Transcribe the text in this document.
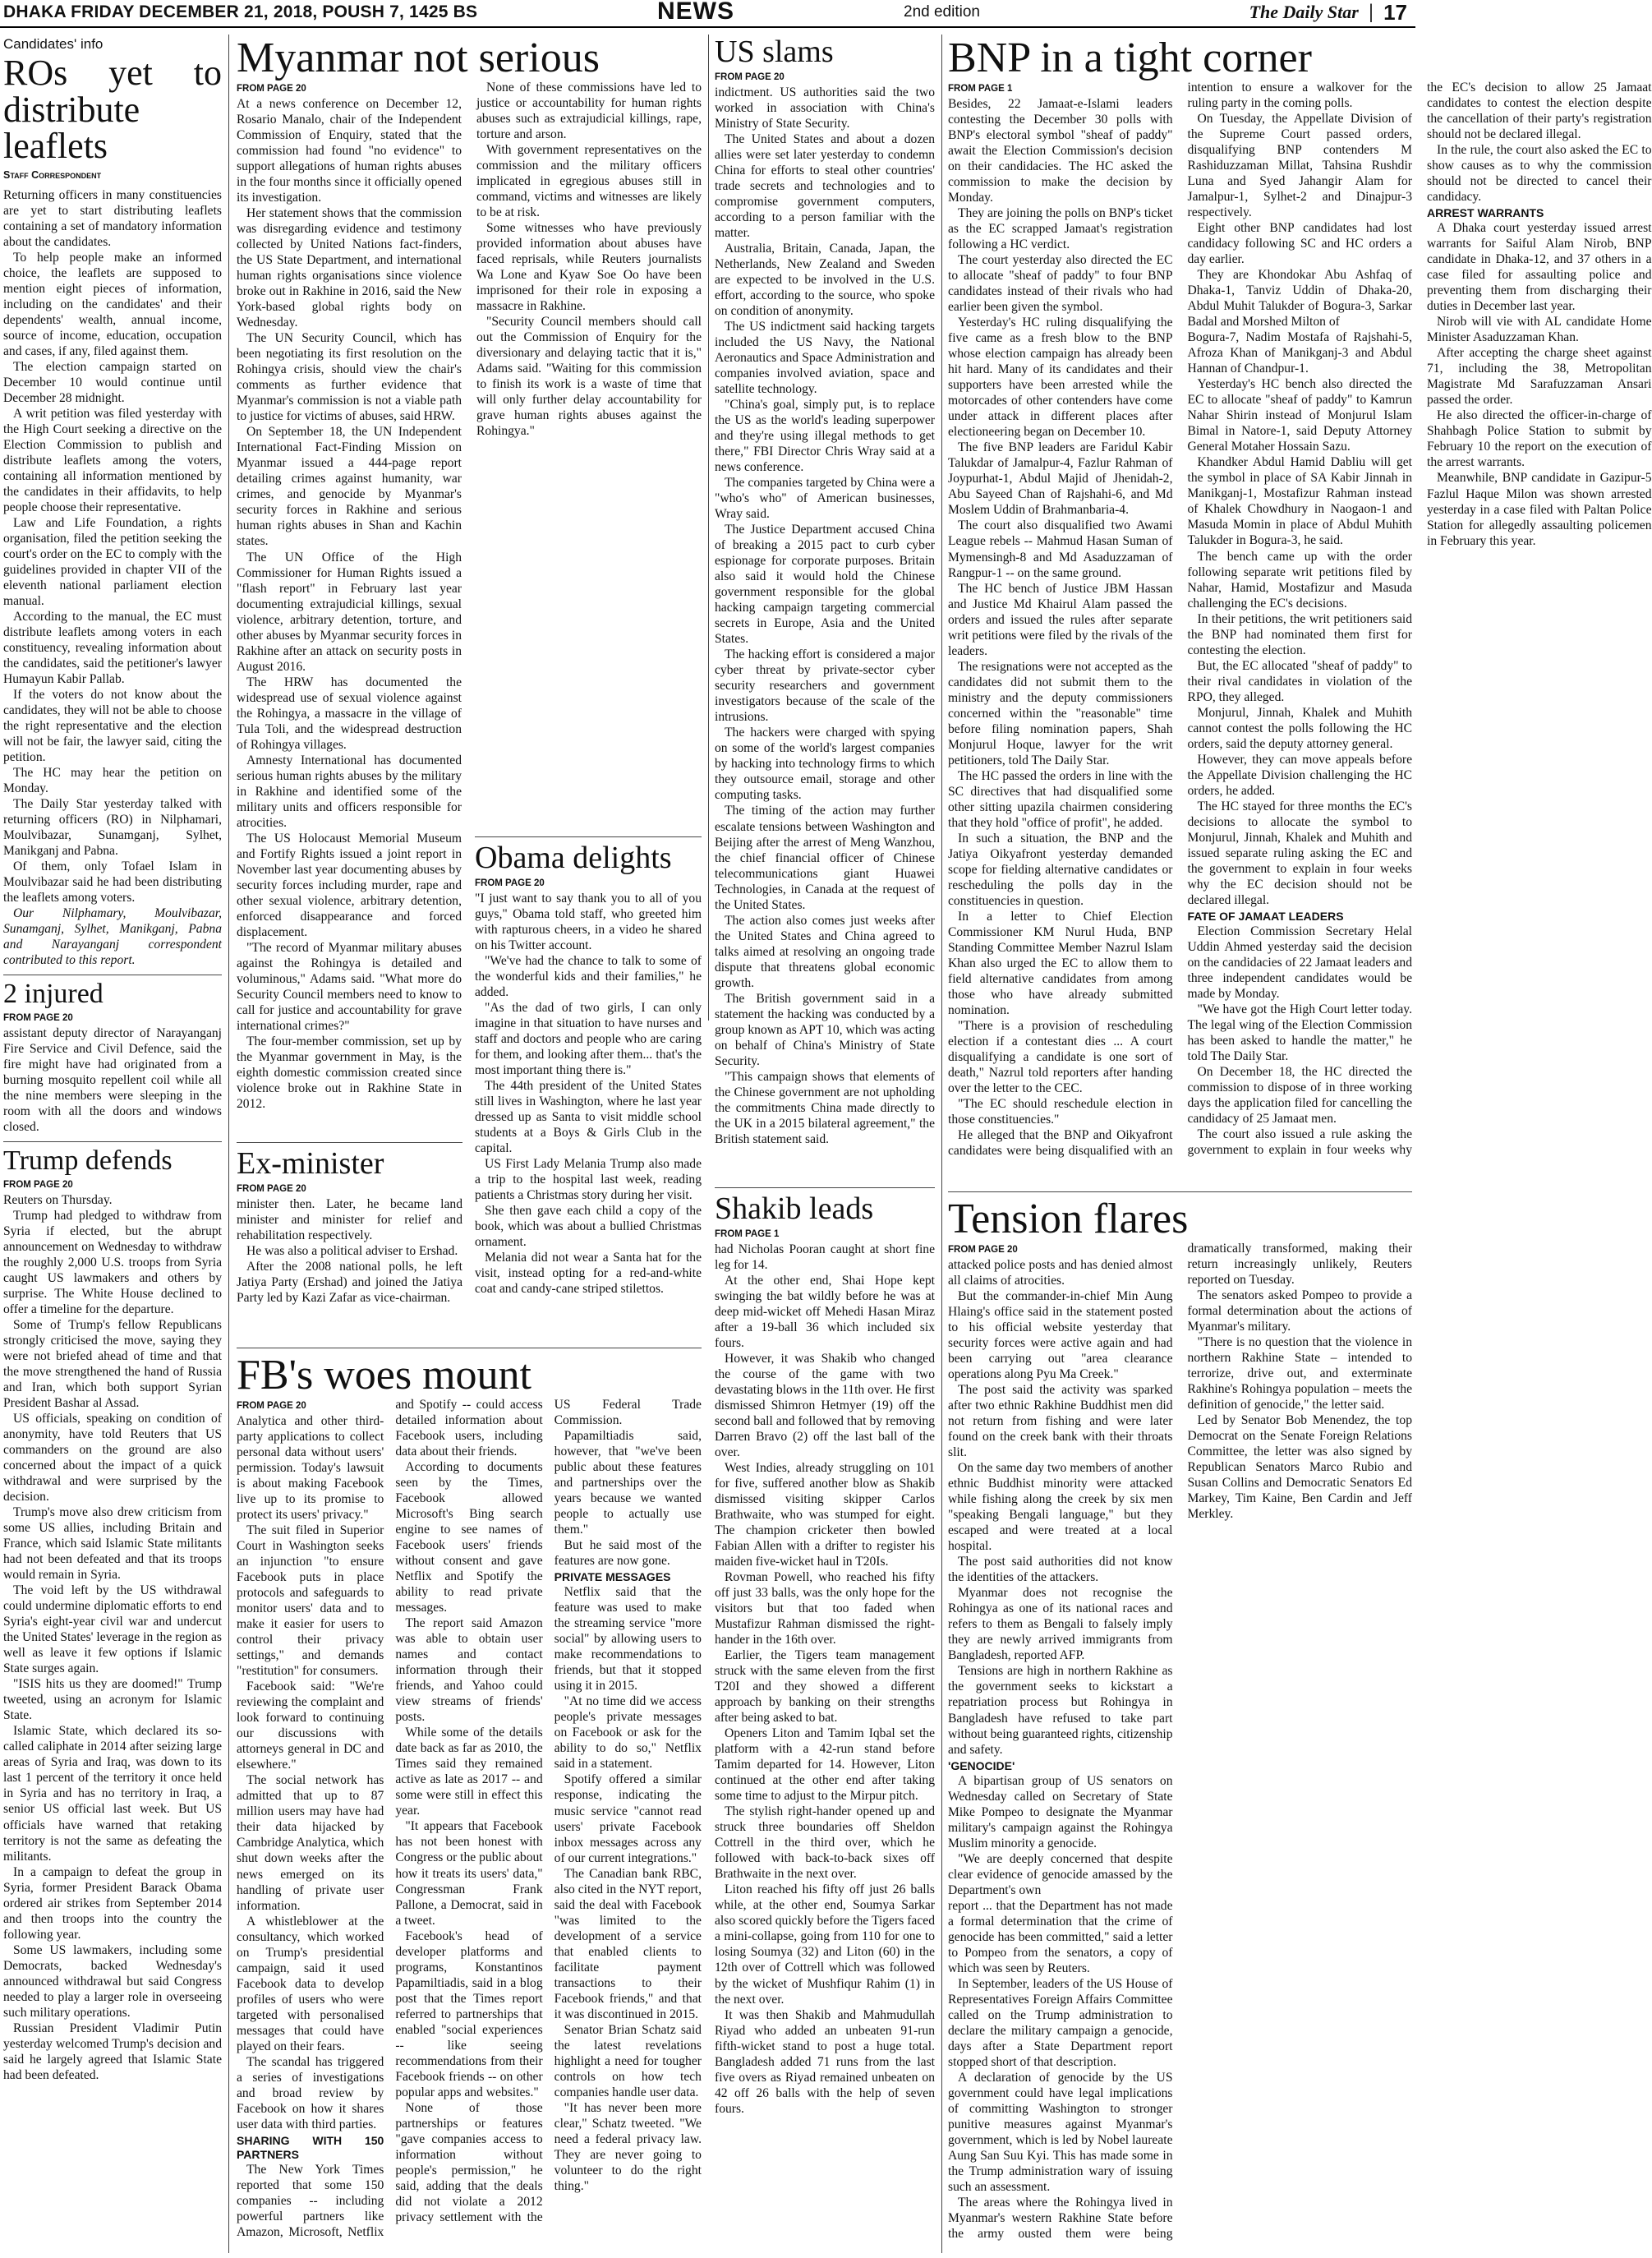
DHAKA FRIDAY DECEMBER 21, 2018, POUSH 7, 1425 BS	NEWS	2nd edition	The Daily Star | 17
Candidates' info
ROs yet to distribute leaflets
Staff Correspondent

Returning officers in many constituencies are yet to start distributing leaflets containing a set of mandatory information about the candidates.

To help people make an informed choice, the leaflets are supposed to mention eight pieces of information, including on the candidates' and their dependents' wealth, annual income, source of income, education, occupation and cases, if any, filed against them.

The election campaign started on December 10 would continue until December 28 midnight.

A writ petition was filed yesterday with the High Court seeking a directive on the Election Commission to publish and distribute leaflets among the voters, containing all information mentioned by the candidates in their affidavits, to help people choose their representative.

Law and Life Foundation, a rights organisation, filed the petition seeking the court's order on the EC to comply with the guidelines provided in chapter VII of the eleventh national parliament election manual.

According to the manual, the EC must distribute leaflets among voters in each constituency, revealing information about the candidates, said the petitioner's lawyer Humayun Kabir Pallab.

If the voters do not know about the candidates, they will not be able to choose the right representative and the election will not be fair, the lawyer said, citing the petition.

The HC may hear the petition on Monday.

The Daily Star yesterday talked with returning officers (RO) in Nilphamari, Moulvibazar, Sunamganj, Sylhet, Manikganj and Pabna.

Of them, only Tofael Islam in Moulvibazar said he had been distributing the leaflets among voters.

Our Nilphamary, Moulvibazar, Sunamganj, Sylhet, Manikganj, Pabna and Narayanganj correspondent contributed to this report.

2 injured
FROM PAGE 20

assistant deputy director of Narayanganj Fire Service and Civil Defence, said the fire might have had originated from a burning mosquito repellent coil while all the nine members were sleeping in the room with all the doors and windows closed.

Trump defends
FROM PAGE 20

Reuters on Thursday.

Trump had pledged to withdraw from Syria if elected, but the abrupt announcement on Wednesday to withdraw the roughly 2,000 U.S. troops from Syria caught US lawmakers and others by surprise. The White House declined to offer a timeline for the departure.

Some of Trump's fellow Republicans strongly criticised the move, saying they were not briefed ahead of time and that the move strengthened the hand of Russia and Iran, which both support Syrian President Bashar al Assad.

US officials, speaking on condition of anonymity, have told Reuters that US commanders on the ground are also concerned about the impact of a quick withdrawal and were surprised by the decision.

Trump's move also drew criticism from some US allies, including Britain and France, which said Islamic State militants had not been defeated and that its troops would remain in Syria.

The void left by the US withdrawal could undermine diplomatic efforts to end Syria's eight-year civil war and undercut the United States' leverage in the region as well as leave it few options if Islamic State surges again.

"ISIS hits us they are doomed!" Trump tweeted, using an acronym for Islamic State.

Islamic State, which declared its so-called caliphate in 2014 after seizing large areas of Syria and Iraq, was down to its last 1 percent of the territory it once held in Syria and has no territory in Iraq, a senior US official last week. But US officials have warned that retaking territory is not the same as defeating the militants.

In a campaign to defeat the group in Syria, former President Barack Obama ordered air strikes from September 2014 and then troops into the country the following year.

Some US lawmakers, including some Democrats, backed Wednesday's announced withdrawal but said Congress needed to play a larger role in overseeing such military operations.

Russian President Vladimir Putin yesterday welcomed Trump's decision and said he largely agreed that Islamic State had been defeated.

Myanmar not serious
FROM PAGE 20

At a news conference on December 12, Rosario Manalo, chair of the Independent Commission of Enquiry, stated that the commission had found "no evidence" to support allegations of human rights abuses in the four months since it officially opened its investigation.

Her statement shows that the commission was disregarding evidence and testimony collected by United Nations fact-finders, the US State Department, and international human rights organisations since violence broke out in Rakhine in 2016, said the New York-based global rights body on Wednesday.

The UN Security Council, which has been negotiating its first resolution on the Rohingya crisis, should view the chair's comments as further evidence that Myanmar's commission is not a viable path to justice for victims of abuses, said HRW.

On September 18, the UN Independent International Fact-Finding Mission on Myanmar issued a 444-page report detailing crimes against humanity, war crimes, and genocide by Myanmar's security forces in Rakhine and serious human rights abuses in Shan and Kachin states.

The UN Office of the High Commissioner for Human Rights issued a "flash report" in February last year documenting extrajudicial killings, sexual violence, arbitrary detention, torture, and other abuses by Myanmar security forces in Rakhine after an attack on security posts in August 2016.

The HRW has documented the widespread use of sexual violence against the Rohingya, a massacre in the village of Tula Toli, and the widespread destruction of Rohingya villages.

Amnesty International has documented serious human rights abuses by the military in Rakhine and identified some of the military units and officers responsible for atrocities.

The US Holocaust Memorial Museum and Fortify Rights issued a joint report in November last year documenting abuses by security forces including murder, rape and other sexual violence, arbitrary detention, enforced disappearance and forced displacement.

"The record of Myanmar military abuses against the Rohingya is detailed and voluminous," Adams said. "What more do Security Council members need to know to call for justice and accountability for grave international crimes?"

The four-member commission, set up by the Myanmar government in May, is the eighth domestic commission created since violence broke out in Rakhine State in 2012.

None of these commissions have led to justice or accountability for human rights abuses such as extrajudicial killings, rape, torture and arson.

With government representatives on the commission and the military officers implicated in egregious abuses still in command, victims and witnesses are likely to be at risk.

Some witnesses who have previously provided information about abuses have faced reprisals, while Reuters journalists Wa Lone and Kyaw Soe Oo have been imprisoned for their role in exposing a massacre in Rakhine.

"Security Council members should call out the Commission of Enquiry for the diversionary and delaying tactic that it is," Adams said. "Waiting for this commission to finish its work is a waste of time that will only further delay accountability for grave human rights abuses against the Rohingya."

Ex-minister
FROM PAGE 20

minister then. Later, he became land minister and minister for relief and rehabilitation respectively.

He was also a political adviser to Ershad.

After the 2008 national polls, he left Jatiya Party (Ershad) and joined the Jatiya Party led by Kazi Zafar as vice-chairman.

Obama delights
FROM PAGE 20

"I just want to say thank you to all of you guys," Obama told staff, who greeted him with rapturous cheers, in a video he shared on his Twitter account.

"We've had the chance to talk to some of the wonderful kids and their families," he added.

"As the dad of two girls, I can only imagine in that situation to have nurses and staff and doctors and people who are caring for them, and looking after them... that's the most important thing there is."

The 44th president of the United States still lives in Washington, where he last year dressed up as Santa to visit middle school students at a Boys & Girls Club in the capital.

US First Lady Melania Trump also made a trip to the hospital last week, reading patients a Christmas story during her visit.

She then gave each child a copy of the book, which was about a bullied Christmas ornament.

Melania did not wear a Santa hat for the visit, instead opting for a red-and-white coat and candy-cane striped stilettos.

FB's woes mount
FROM PAGE 20

Analytica and other third-party applications to collect personal data without users' permission. Today's lawsuit is about making Facebook live up to its promise to protect its users' privacy."

The suit filed in Superior Court in Washington seeks an injunction "to ensure Facebook puts in place protocols and safeguards to monitor users' data and to make it easier for users to control their privacy settings," and demands "restitution" for consumers.

Facebook said: "We're reviewing the complaint and look forward to continuing our discussions with attorneys general in DC and elsewhere."

The social network has admitted that up to 87 million users may have had their data hijacked by Cambridge Analytica, which shut down weeks after the news emerged on its handling of private user information.

A whistleblower at the consultancy, which worked on Trump's presidential campaign, said it used Facebook data to develop profiles of users who were targeted with personalised messages that could have played on their fears.

The scandal has triggered a series of investigations and broad review by Facebook on how it shares user data with third parties.

SHARING WITH 150 PARTNERS

The New York Times reported that some 150 companies -- including powerful partners like Amazon, Microsoft, Netflix and Spotify -- could access detailed information about Facebook users, including data about their friends.

According to documents seen by the Times, Facebook allowed Microsoft's Bing search engine to see names of Facebook users' friends without consent and gave Netflix and Spotify the ability to read private messages.

The report said Amazon was able to obtain user names and contact information through their friends, and Yahoo could view streams of friends' posts.

While some of the details date back as far as 2010, the Times said they remained active as late as 2017 -- and some were still in effect this year.

"It appears that Facebook has not been honest with Congress or the public about how it treats its users' data," Congressman Frank Pallone, a Democrat, said in a tweet.

Facebook's head of developer platforms and programs, Konstantinos Papamiltiadis, said in a blog post that the Times report referred to partnerships that enabled "social experiences -- like seeing recommendations from their Facebook friends -- on other popular apps and websites."

None of those partnerships or features "gave companies access to information without people's permission," he said, adding that the deals did not violate a 2012 privacy settlement with the US Federal Trade Commission.

Papamiltiadis said, however, that "we've been public about these features and partnerships over the years because we wanted people to actually use them."

But he said most of the features are now gone.

PRIVATE MESSAGES

Netflix said that the feature was used to make the streaming service "more social" by allowing users to make recommendations to friends, but that it stopped using it in 2015.

"At no time did we access people's private messages on Facebook or ask for the ability to do so," Netflix said in a statement.

Spotify offered a similar response, indicating the music service "cannot read users' private Facebook inbox messages across any of our current integrations."

The Canadian bank RBC, also cited in the NYT report, said the deal with Facebook "was limited to the development of a service that enabled clients to facilitate payment transactions to their Facebook friends," and that it was discontinued in 2015.

Senator Brian Schatz said the latest revelations highlight a need for tougher controls on how tech companies handle user data.

"It has never been more clear," Schatz tweeted. "We need a federal privacy law. They are never going to volunteer to do the right thing."

US slams
FROM PAGE 20

indictment. US authorities said the two worked in association with China's Ministry of State Security.

The United States and about a dozen allies were set later yesterday to condemn China for efforts to steal other countries' trade secrets and technologies and to compromise government computers, according to a person familiar with the matter.

Australia, Britain, Canada, Japan, the Netherlands, New Zealand and Sweden are expected to be involved in the U.S. effort, according to the source, who spoke on condition of anonymity.

The US indictment said hacking targets included the US Navy, the National Aeronautics and Space Administration and companies involved aviation, space and satellite technology.

"China's goal, simply put, is to replace the US as the world's leading superpower and they're using illegal methods to get there," FBI Director Chris Wray said at a news conference.

The companies targeted by China were a "who's who" of American businesses, Wray said.

The Justice Department accused China of breaking a 2015 pact to curb cyber espionage for corporate purposes. Britain also said it would hold the Chinese government responsible for the global hacking campaign targeting commercial secrets in Europe, Asia and the United States.

The hacking effort is considered a major cyber threat by private-sector cyber security researchers and government investigators because of the scale of the intrusions.

The hackers were charged with spying on some of the world's largest companies by hacking into technology firms to which they outsource email, storage and other computing tasks.

The timing of the action may further escalate tensions between Washington and Beijing after the arrest of Meng Wanzhou, the chief financial officer of Chinese telecommunications giant Huawei Technologies, in Canada at the request of the United States.

The action also comes just weeks after the United States and China agreed to talks aimed at resolving an ongoing trade dispute that threatens global economic growth.

The British government said in a statement the hacking was conducted by a group known as APT 10, which was acting on behalf of China's Ministry of State Security.

"This campaign shows that elements of the Chinese government are not upholding the commitments China made directly to the UK in a 2015 bilateral agreement," the British statement said.

Shakib leads
FROM PAGE 1

had Nicholas Pooran caught at short fine leg for 14.

At the other end, Shai Hope kept swinging the bat wildly before he was at deep mid-wicket off Mehedi Hasan Miraz after a 19-ball 36 which included six fours.

However, it was Shakib who changed the course of the game with two devastating blows in the 11th over. He first dismissed Shimron Hetmyer (19) off the second ball and followed that by removing Darren Bravo (2) off the last ball of the over.

West Indies, already struggling on 101 for five, suffered another blow as Shakib dismissed visiting skipper Carlos Brathwaite, who was stumped for eight. The champion cricketer then bowled Fabian Allen with a drifter to register his maiden five-wicket haul in T20Is.

Rovman Powell, who reached his fifty off just 33 balls, was the only hope for the visitors but that too faded when Mustafizur Rahman dismissed the right-hander in the 16th over.

Earlier, the Tigers team management struck with the same eleven from the first T20I and they showed a different approach by banking on their strengths after being asked to bat.

Openers Liton and Tamim Iqbal set the platform with a 42-run stand before Tamim departed for 14. However, Liton continued at the other end after taking some time to adjust to the Mirpur pitch.

The stylish right-hander opened up and struck three boundaries off Sheldon Cottrell in the third over, which he followed with back-to-back sixes off Brathwaite in the next over.

Liton reached his fifty off just 26 balls while, at the other end, Soumya Sarkar also scored quickly before the Tigers faced a mini-collapse, going from 110 for one to losing Soumya (32) and Liton (60) in the 12th over of Cottrell which was followed by the wicket of Mushfiqur Rahim (1) in the next over.

It was then Shakib and Mahmudullah Riyad who added an unbeaten 91-run fifth-wicket stand to post a huge total. Bangladesh added 71 runs from the last five overs as Riyad remained unbeaten on 42 off 26 balls with the help of seven fours.

BNP in a tight corner
FROM PAGE 1

Besides, 22 Jamaat-e-Islami leaders contesting the December 30 polls with BNP's electoral symbol "sheaf of paddy" await the Election Commission's decision on their candidacies. The HC asked the commission to make the decision by Monday.

They are joining the polls on BNP's ticket as the EC scrapped Jamaat's registration following a HC verdict.

The court yesterday also directed the EC to allocate "sheaf of paddy" to four BNP candidates instead of their rivals who had earlier been given the symbol.

Yesterday's HC ruling disqualifying the five came as a fresh blow to the BNP whose election campaign has already been hit hard. Many of its candidates and their supporters have been arrested while the motorcades of other contenders have come under attack in different places after electioneering began on December 10.

The five BNP leaders are Faridul Kabir Talukdar of Jamalpur-4, Fazlur Rahman of Joypurhat-1, Abdul Majid of Jhenidah-2, Abu Sayeed Chan of Rajshahi-6, and Md Moslem Uddin of Brahmanbaria-4.

The court also disqualified two Awami League rebels -- Mahmud Hasan Suman of Mymensingh-8 and Md Asaduzzaman of Rangpur-1 -- on the same ground.

The HC bench of Justice JBM Hassan and Justice Md Khairul Alam passed the orders and issued the rules after separate writ petitions were filed by the rivals of the leaders.

The resignations were not accepted as the candidates did not submit them to the ministry and the deputy commissioners concerned within the "reasonable" time before filing nomination papers, Shah Monjurul Hoque, lawyer for the writ petitioners, told The Daily Star.

The HC passed the orders in line with the SC directives that had disqualified some other sitting upazila chairmen considering that they hold "office of profit", he added.

In such a situation, the BNP and the Jatiya Oikyafront yesterday demanded scope for fielding alternative candidates or rescheduling the polls day in the constituencies in question.

In a letter to Chief Election Commissioner KM Nurul Huda, BNP Standing Committee Member Nazrul Islam Khan also urged the EC to allow them to field alternative candidates from among those who have already submitted nomination.

"There is a provision of rescheduling election if a contestant dies ... A court disqualifying a candidate is one sort of death," Nazrul told reporters after handing over the letter to the CEC.

"The EC should reschedule election in those constituencies."

He alleged that the BNP and Oikyafront candidates were being disqualified with an intention to ensure a walkover for the ruling party in the coming polls.

On Tuesday, the Appellate Division of the Supreme Court passed orders, disqualifying BNP contenders M Rashiduzzaman Millat, Tahsina Rushdir Luna and Syed Jahangir Alam for Jamalpur-1, Sylhet-2 and Dinajpur-3 respectively.

Eight other BNP candidates had lost candidacy following SC and HC orders a day earlier.

They are Khondokar Abu Ashfaq of Dhaka-1, Tanviz Uddin of Dhaka-20, Abdul Muhit Talukder of Bogura-3, Sarkar Badal and Morshed Milton of

Bogura-7, Nadim Mostafa of Rajshahi-5, Afroza Khan of Manikganj-3 and Abdul Hannan of Chandpur-1.

Yesterday's HC bench also directed the EC to allocate "sheaf of paddy" to Kamrun Nahar Shirin instead of Monjurul Islam Bimal in Natore-1, said Deputy Attorney General Motaher Hossain Sazu.

Khandker Abdul Hamid Dabliu will get the symbol in place of SA Kabir Jinnah in Manikganj-1, Mostafizur Rahman instead of Khalek Chowdhury in Naogaon-1 and Masuda Momin in place of Abdul Muhith Talukder in Bogura-3, he said.

The bench came up with the order following separate writ petitions filed by Nahar, Hamid, Mostafizur and Masuda challenging the EC's decisions.

In their petitions, the writ petitioners said the BNP had nominated them first for contesting the election.

But, the EC allocated "sheaf of paddy" to their rival candidates in violation of the RPO, they alleged.

Monjurul, Jinnah, Khalek and Muhith cannot contest the polls following the HC orders, said the deputy attorney general.

However, they can move appeals before the Appellate Division challenging the HC orders, he added.

The HC stayed for three months the EC's decisions to allocate the symbol to Monjurul, Jinnah, Khalek and Muhith and issued separate ruling asking the EC and the government to explain in four weeks why the EC decision should not be declared illegal.

FATE OF JAMAAT LEADERS

Election Commission Secretary Helal Uddin Ahmed yesterday said the decision on the candidacies of 22 Jamaat leaders and three independent candidates would be made by Monday.

"We have got the High Court letter today. The legal wing of the Election Commission has been asked to handle the matter," he told The Daily Star.

On December 18, the HC directed the commission to dispose of in three working days the application filed for cancelling the candidacy of 25 Jamaat men.

The court also issued a rule asking the government to explain in four weeks why the EC's decision to allow 25 Jamaat candidates to contest the election despite the cancellation of their party's registration should not be declared illegal.

In the rule, the court also asked the EC to show causes as to why the commission should not be directed to cancel their candidacy.

ARREST WARRANTS

A Dhaka court yesterday issued arrest warrants for Saiful Alam Nirob, BNP candidate in Dhaka-12, and 37 others in a case filed for assaulting police and preventing them from discharging their duties in December last year.

Nirob will vie with AL candidate Home Minister Asaduzzaman Khan.

After accepting the charge sheet against 71, including the 38, Metropolitan Magistrate Md Sarafuzzaman Ansari passed the order.

He also directed the officer-in-charge of Shahbagh Police Station to submit by February 10 the report on the execution of the arrest warrants.

Meanwhile, BNP candidate in Gazipur-5 Fazlul Haque Milon was shown arrested yesterday in a case filed with Paltan Police Station for allegedly assaulting policemen in February this year.

Tension flares
FROM PAGE 20

attacked police posts and has denied almost all claims of atrocities.

But the commander-in-chief Min Aung Hlaing's office said in the statement posted to his official website yesterday that security forces were active again and had been carrying out "area clearance operations along Pyu Ma Creek."

The post said the activity was sparked after two ethnic Rakhine Buddhist men did not return from fishing and were later found on the creek bank with their throats slit.

On the same day two members of another ethnic Buddhist minority were attacked while fishing along the creek by six men "speaking Bengali language," but they escaped and were treated at a local hospital.

The post said authorities did not know the identities of the attackers.

Myanmar does not recognise the Rohingya as one of its national races and refers to them as Bengali to falsely imply they are newly arrived immigrants from Bangladesh, reported AFP.

Tensions are high in northern Rakhine as the government seeks to kickstart a repatriation process but Rohingya in Bangladesh have refused to take part without being guaranteed rights, citizenship and safety.

'GENOCIDE'

A bipartisan group of US senators on Wednesday called on Secretary of State Mike Pompeo to designate the Myanmar military's campaign against the Rohingya Muslim minority a genocide.

"We are deeply concerned that despite clear evidence of genocide amassed by the Department's own

report ... that the Department has not made a formal determination that the crime of genocide has been committed," said a letter to Pompeo from the senators, a copy of which was seen by Reuters.

In September, leaders of the US House of Representatives Foreign Affairs Committee called on the Trump administration to declare the military campaign a genocide, days after a State Department report stopped short of that description.

A declaration of genocide by the US government could have legal implications of committing Washington to stronger punitive measures against Myanmar's government, which is led by Nobel laureate Aung San Suu Kyi. This has made some in the Trump administration wary of issuing such an assessment.

The areas where the Rohingya lived in Myanmar's western Rakhine State before the army ousted them were being dramatically transformed, making their return increasingly unlikely, Reuters reported on Tuesday.

The senators asked Pompeo to provide a formal determination about the actions of Myanmar's military.

"There is no question that the violence in northern Rakhine State – intended to terrorize, drive out, and exterminate Rakhine's Rohingya population – meets the definition of genocide," the letter said.

Led by Senator Bob Menendez, the top Democrat on the Senate Foreign Relations Committee, the letter was also signed by Republican Senators Marco Rubio and Susan Collins and Democratic Senators Ed Markey, Tim Kaine, Ben Cardin and Jeff Merkley.
